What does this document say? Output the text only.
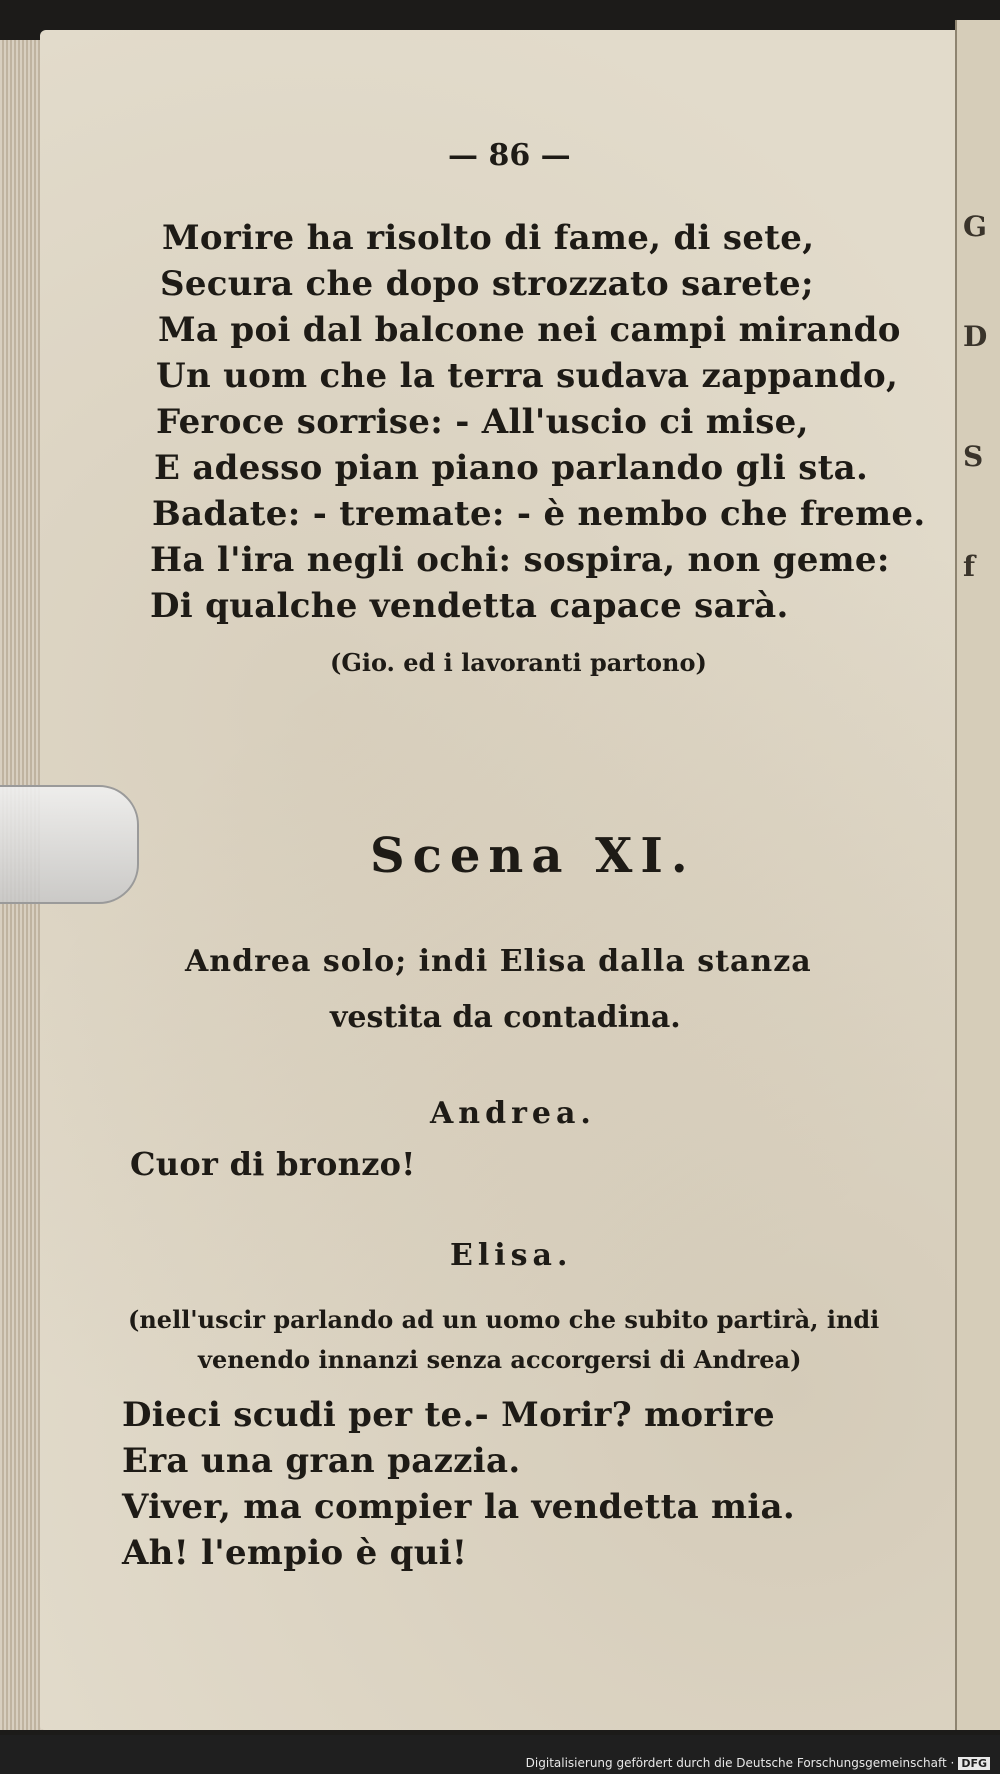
G
D
S
f
— 86 —
Morire ha risolto di fame, di sete,
Secura che dopo strozzato sarete;
Ma poi dal balcone nei campi mirando
Un uom che la terra sudava zappando,
Feroce sorrise: - All'uscio ci mise,
E adesso pian piano parlando gli sta.
Badate: - tremate: - è nembo che freme.
Ha l'ira negli ochi: sospira, non geme:
Di qualche vendetta capace sarà.
(Gio. ed i lavoranti partono)
Scena XI.
Andrea solo; indi Elisa dalla stanza
vestita da contadina.
Andrea.
Cuor di bronzo!
Elisa.
(nell'uscir parlando ad un uomo che subito partirà, indi
venendo innanzi senza accorgersi di Andrea)
Dieci scudi per te.- Morir? morire
Era una gran pazzia.
Viver, ma compier la vendetta mia.
Ah! l'empio è qui!
Digitalisierung gefördert durch die Deutsche Forschungsgemeinschaft · DFG
